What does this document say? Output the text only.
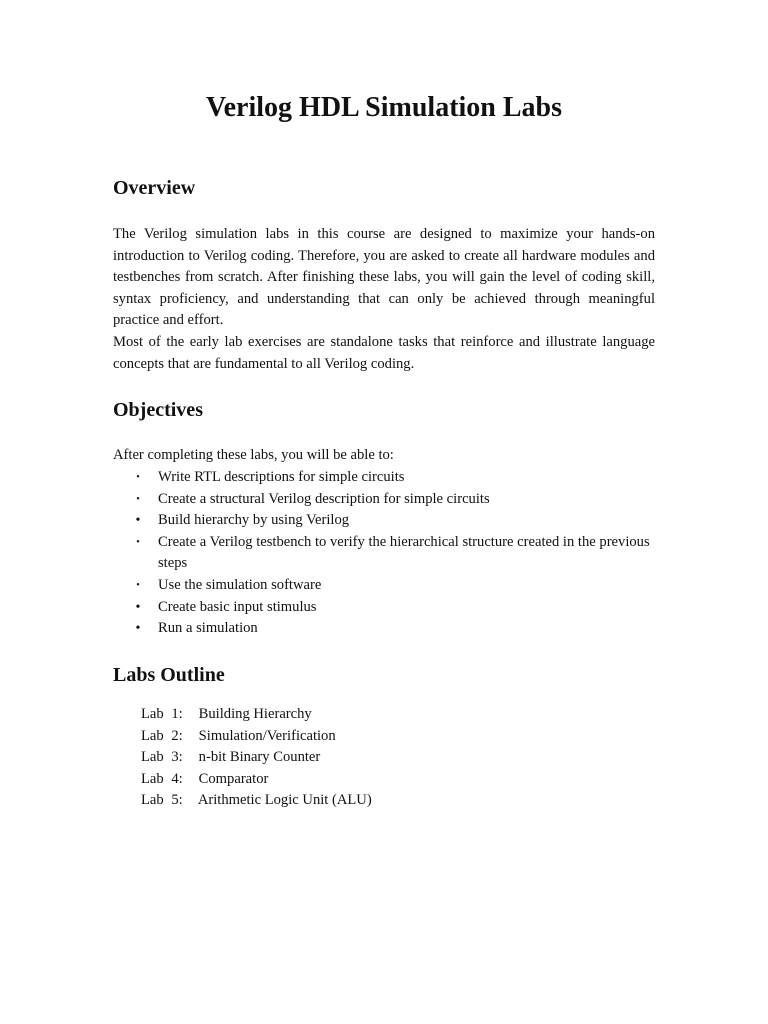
Verilog HDL Simulation Labs
Overview

The Verilog simulation labs in this course are designed to maximize your hands-on introduction to Verilog coding. Therefore, you are asked to create all hardware modules and testbenches from scratch. After finishing these labs, you will gain the level of coding skill, syntax proficiency, and understanding that can only be achieved through meaningful practice and effort.

Most of the early lab exercises are standalone tasks that reinforce and illustrate language concepts that are fundamental to all Verilog coding.

Objectives
After completing these labs, you will be able to:
• Write RTL descriptions for simple circuits
• Create a structural Verilog description for simple circuits
• Build hierarchy by using Verilog
• Create a Verilog testbench to verify the hierarchical structure created in the previous steps
• Use the simulation software
• Create basic input stimulus
• Run a simulation
Labs Outline
Lab 1: Building Hierarchy
Lab 2: Simulation/Verification
Lab 3: n-bit Binary Counter
Lab 4: Comparator
Lab 5: Arithmetic Logic Unit (ALU)
